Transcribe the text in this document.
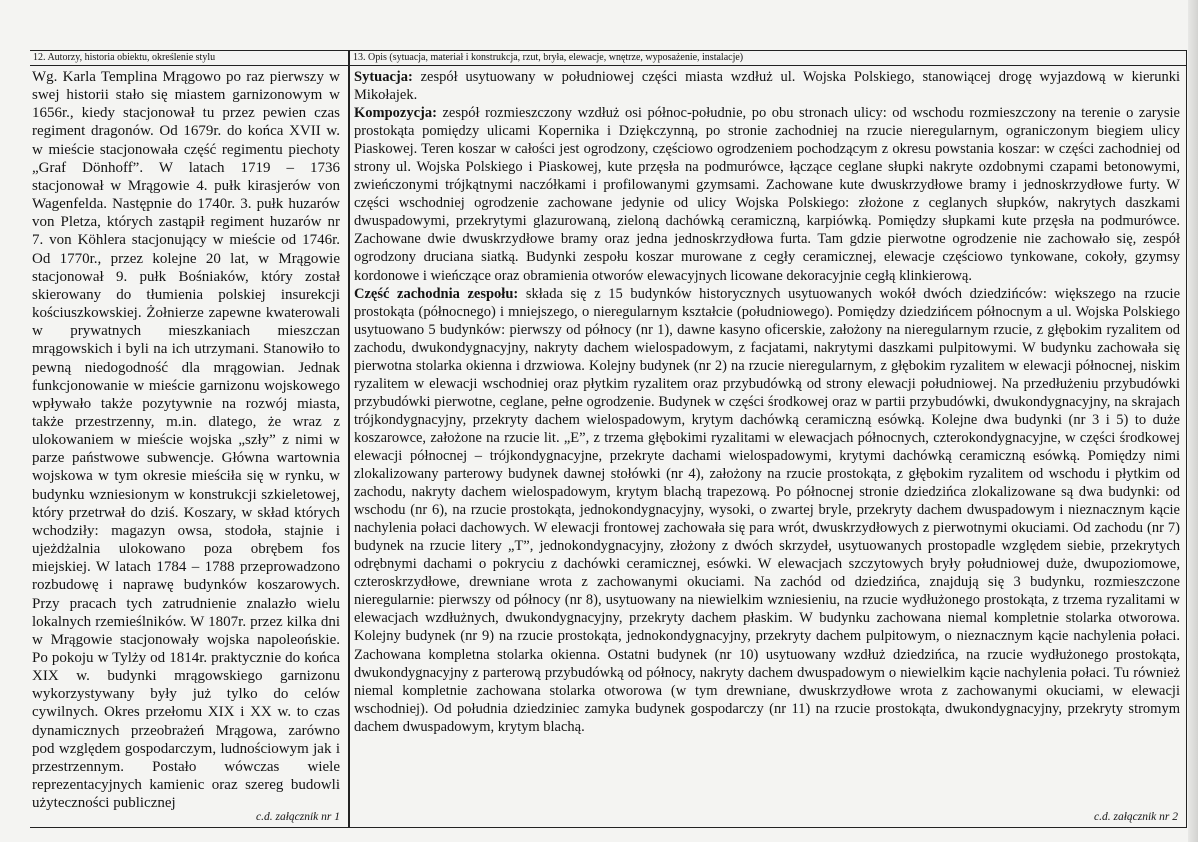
12. Autorzy, historia obiektu, określenie stylu
Wg. Karla Templina Mrągowo po raz pierwszy w swej historii stało się miastem garnizonowym w 1656r., kiedy stacjonował tu przez pewien czas regiment dragonów. Od 1679r. do końca XVII w. w mieście stacjonowała część regimentu piechoty „Graf Dönhoff”. W latach 1719 – 1736 stacjonował w Mrągowie 4. pułk kirasjerów von Wagenfelda. Następnie do 1740r. 3. pułk huzarów von Pletza, których zastąpił regiment huzarów nr 7. von Köhlera stacjonujący w mieście od 1746r. Od 1770r., przez kolejne 20 lat, w Mrągowie stacjonował 9. pułk Bośniaków, który został skierowany do tłumienia polskiej insurekcji kościuszkowskiej. Żołnierze zapewne kwaterowali w prywatnych mieszkaniach mieszczan mrągowskich i byli na ich utrzymani. Stanowiło to pewną niedogodność dla mrągowian. Jednak funkcjonowanie w mieście garnizonu wojskowego wpływało także pozytywnie na rozwój miasta, także przestrzenny, m.in. dlatego, że wraz z ulokowaniem w mieście wojska „szły” z nimi w parze państwowe subwencje. Główna wartownia wojskowa w tym okresie mieściła się w rynku, w budynku wzniesionym w konstrukcji szkieletowej, który przetrwał do dziś. Koszary, w skład których wchodziły: magazyn owsa, stodoła, stajnie i ujeżdżalnia ulokowano poza obrębem fos miejskiej. W latach 1784 – 1788 przeprowadzono rozbudowę i naprawę budynków koszarowych. Przy pracach tych zatrudnienie znalazło wielu lokalnych rzemieślników. W 1807r. przez kilka dni w Mrągowie stacjonowały wojska napoleońskie. Po pokoju w Tylży od 1814r. praktycznie do końca XIX w. budynki mrągowskiego garnizonu wykorzystywany były już tylko do celów cywilnych. Okres przełomu XIX i XX w. to czas dynamicznych przeobrażeń Mrągowa, zarówno pod względem gospodarczym, ludnościowym jak i przestrzennym. Postało wówczas wiele reprezentacyjnych kamienic oraz szereg budowli użyteczności publicznej
c.d. załącznik nr 1
13. Opis (sytuacja, materiał i konstrukcja, rzut, bryła, elewacje, wnętrze, wyposażenie, instalacje)

Sytuacja: zespół usytuowany w południowej części miasta wzdłuż ul. Wojska Polskiego, stanowiącej drogę wyjazdową w kierunki Mikołajek.

Kompozycja: zespół rozmieszczony wzdłuż osi północ-południe, po obu stronach ulicy: od wschodu rozmieszczony na terenie o zarysie prostokąta pomiędzy ulicami Kopernika i Dziękczynną, po stronie zachodniej na rzucie nieregularnym, ograniczonym biegiem ulicy Piaskowej. Teren koszar w całości jest ogrodzony, częściowo ogrodzeniem pochodzącym z okresu powstania koszar: w części zachodniej od strony ul. Wojska Polskiego i Piaskowej, kute przęsła na podmurówce, łączące ceglane słupki nakryte ozdobnymi czapami betonowymi, zwieńczonymi trójkątnymi naczółkami i profilowanymi gzymsami. Zachowane kute dwuskrzydłowe bramy i jednoskrzydłowe furty. W części wschodniej ogrodzenie zachowane jedynie od ulicy Wojska Polskiego: złożone z ceglanych słupków, nakrytych daszkami dwuspadowymi, przekrytymi glazurowaną, zieloną dachówką ceramiczną, karpiówką. Pomiędzy słupkami kute przęsła na podmurówce. Zachowane dwie dwuskrzydłowe bramy oraz jedna jednoskrzydłowa furta. Tam gdzie pierwotne ogrodzenie nie zachowało się, zespół ogrodzony druciana siatką. Budynki zespołu koszar murowane z cegły ceramicznej, elewacje częściowo tynkowane, cokoły, gzymsy kordonowe i wieńczące oraz obramienia otworów elewacyjnych licowane dekoracyjnie cegłą klinkierową.

Część zachodnia zespołu: składa się z 15 budynków historycznych usytuowanych wokół dwóch dziedzińców: większego na rzucie prostokąta (północnego) i mniejszego, o nieregularnym kształcie (południowego). Pomiędzy dziedzińcem północnym a ul. Wojska Polskiego usytuowano 5 budynków: pierwszy od północy (nr 1), dawne kasyno oficerskie, założony na nieregularnym rzucie, z głębokim ryzalitem od zachodu, dwukondygnacyjny, nakryty dachem wielospadowym, z facjatami, nakrytymi daszkami pulpitowymi. W budynku zachowała się pierwotna stolarka okienna i drzwiowa. Kolejny budynek (nr 2) na rzucie nieregularnym, z głębokim ryzalitem w elewacji północnej, niskim ryzalitem w elewacji wschodniej oraz płytkim ryzalitem oraz przybudówką od strony elewacji południowej. Na przedłużeniu przybudówki przybudówki pierwotne, ceglane, pełne ogrodzenie. Budynek w części środkowej oraz w partii przybudówki, dwukondygnacyjny, na skrajach trójkondygnacyjny, przekryty dachem wielospadowym, krytym dachówką ceramiczną esówką. Kolejne dwa budynki (nr 3 i 5) to duże koszarowce, założone na rzucie lit. „E”, z trzema głębokimi ryzalitami w elewacjach północnych, czterokondygnacyjne, w części środkowej elewacji północnej – trójkondygnacyjne, przekryte dachami wielospadowymi, krytymi dachówką ceramiczną esówką. Pomiędzy nimi zlokalizowany parterowy budynek dawnej stołówki (nr 4), założony na rzucie prostokąta, z głębokim ryzalitem od wschodu i płytkim od zachodu, nakryty dachem wielospadowym, krytym blachą trapezową. Po północnej stronie dziedzińca zlokalizowane są dwa budynki: od wschodu (nr 6), na rzucie prostokąta, jednokondygnacyjny, wysoki, o zwartej bryle, przekryty dachem dwuspadowym i nieznacznym kącie nachylenia połaci dachowych. W elewacji frontowej zachowała się para wrót, dwuskrzydłowych z pierwotnymi okuciami. Od zachodu (nr 7) budynek na rzucie litery „T”, jednokondygnacyjny, złożony z dwóch skrzydeł, usytuowanych prostopadle względem siebie, przekrytych odrębnymi dachami o pokryciu z dachówki ceramicznej, esówki. W elewacjach szczytowych bryły południowej duże, dwupoziomowe, czteroskrzydłowe, drewniane wrota z zachowanymi okuciami. Na zachód od dziedzińca, znajdują się 3 budynku, rozmieszczone nieregularnie: pierwszy od północy (nr 8), usytuowany na niewielkim wzniesieniu, na rzucie wydłużonego prostokąta, z trzema ryzalitami w elewacjach wzdłużnych, dwukondygnacyjny, przekryty dachem płaskim. W budynku zachowana niemal kompletnie stolarka otworowa. Kolejny budynek (nr 9) na rzucie prostokąta, jednokondygnacyjny, przekryty dachem pulpitowym, o nieznacznym kącie nachylenia połaci. Zachowana kompletna stolarka okienna. Ostatni budynek (nr 10) usytuowany wzdłuż dziedzińca, na rzucie wydłużonego prostokąta, dwukondygnacyjny z parterową przybudówką od północy, nakryty dachem dwuspadowym o niewielkim kącie nachylenia połaci. Tu również niemal kompletnie zachowana stolarka otworowa (w tym drewniane, dwuskrzydłowe wrota z zachowanymi okuciami, w elewacji wschodniej). Od południa dziedziniec zamyka budynek gospodarczy (nr 11) na rzucie prostokąta, dwukondygnacyjny, przekryty stromym dachem dwuspadowym, krytym blachą.

c.d. załącznik nr 2
